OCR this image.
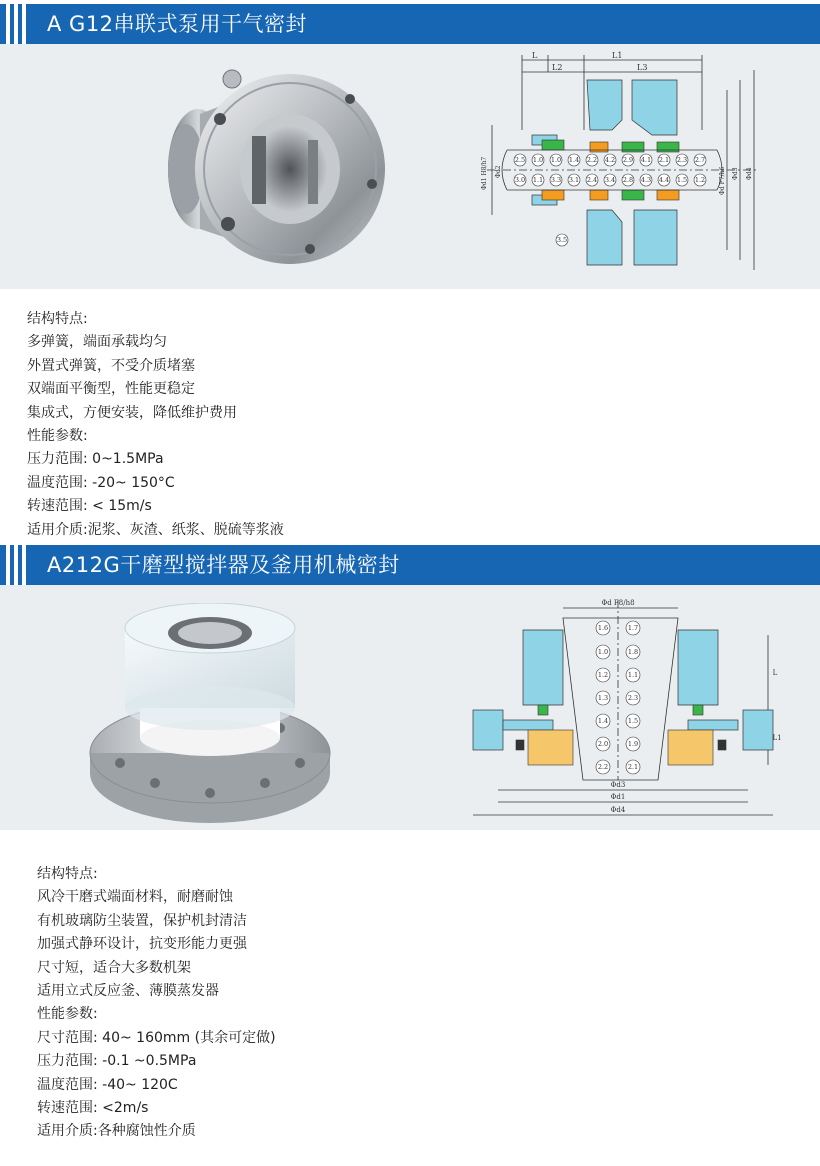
A G12串联式泵用干气密封
L1
L
L2	L3
2.5 1.0 1.0 1.4 2.2 4.2 2.9 4.1 2.1 2.3 2.7
3.0 1.1 3.3 3.1 2.4 3.4 2.8 4.3 4.4 1.5 1.2
3.5
Φd1 H8/h7	Φd F7/h6 Φd3 Φd4
Φd2
结构特点:
多弹簧，端面承载均匀
外置式弹簧，不受介质堵塞
双端面平衡型，性能更稳定
集成式，方便安装，降低维护费用
性能参数:
压力范围: 0~1.5MPa
温度范围: -20~ 150°C
转速范围: < 15m/s
适用介质:泥浆、灰渣、纸浆、脱硫等浆液
A212G干磨型搅拌器及釜用机械密封
Φd F8/h8
Φd3
Φd1
Φd4
L
L1
1.6
1.0
1.2
1.3
1.4
2.0
2.2
1.7
1.8
1.1
2.3
1.5
1.9
2.1
结构特点:
风冷干磨式端面材料，耐磨耐蚀
有机玻璃防尘装置，保护机封清洁
加强式静环设计，抗变形能力更强
尺寸短，适合大多数机架
适用立式反应釜、薄膜蒸发器
性能参数:
尺寸范围: 40~ 160mm (其余可定做)
压力范围: -0.1 ~0.5MPa
温度范围: -40~ 120C
转速范围: <2m/s
适用介质:各种腐蚀性介质
